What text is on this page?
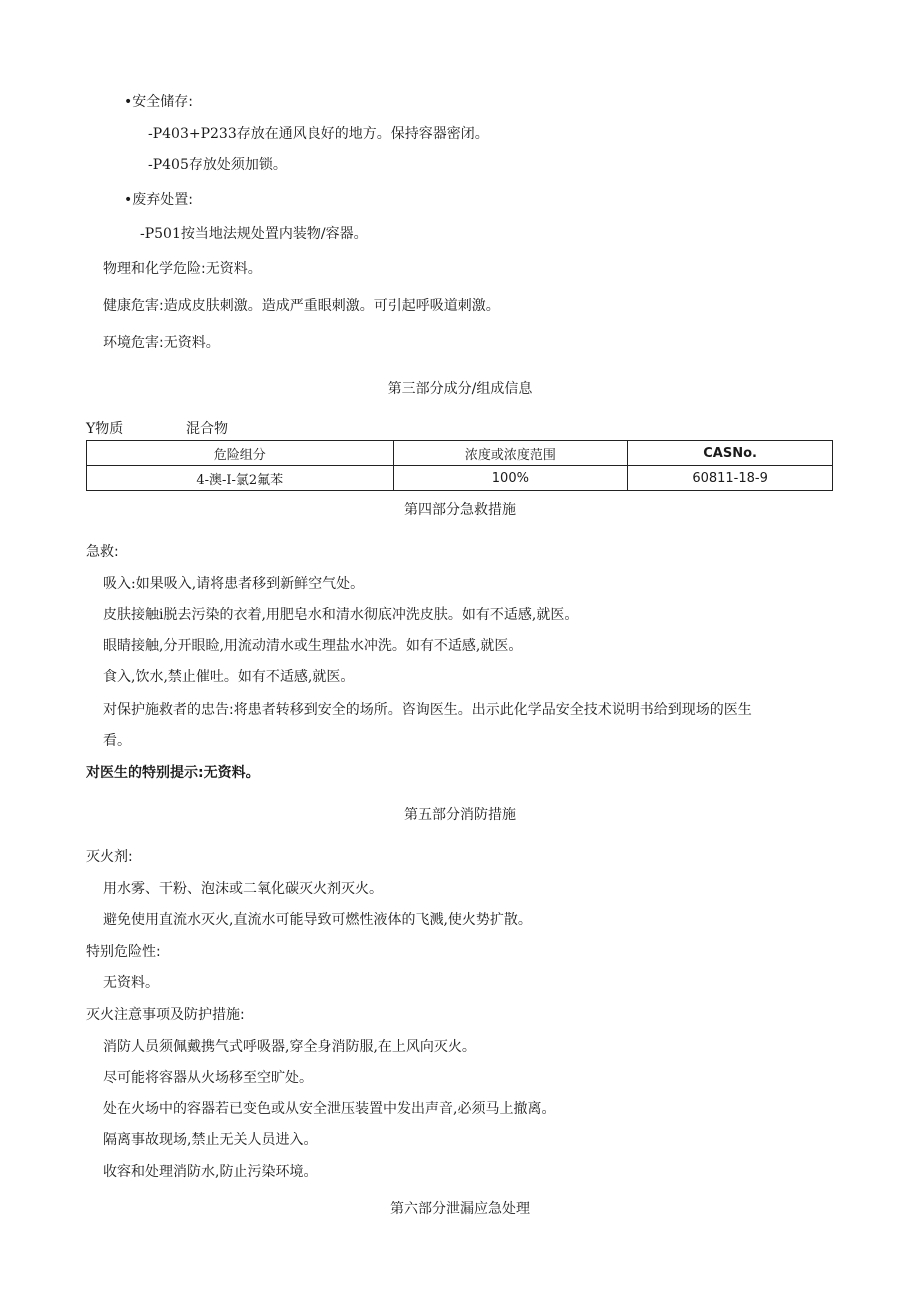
•安全储存:
-P403+P233存放在通风良好的地方。保持容器密闭。
-P405存放处须加锁。
•废弃处置:
-P501按当地法规处置内装物/容器。
物理和化学危险:无资料。
健康危害:造成皮肤刺激。造成严重眼刺激。可引起呼吸道刺激。
环境危害:无资料。
第三部分成分/组成信息
Y物质	混合物
危险组分	浓度或浓度范围	CASNo.
4-澳-I-氯2氟苯	100%	60811-18-9
第四部分急救措施
急救:
吸入:如果吸入,请将患者移到新鲜空气处。
皮肤接触i脱去污染的衣着,用肥皂水和清水彻底冲洗皮肤。如有不适感,就医。
眼睛接触,分开眼睑,用流动清水或生理盐水冲洗。如有不适感,就医。
食入,饮水,禁止催吐。如有不适感,就医。
对保护施救者的忠告:将患者转移到安全的场所。咨询医生。出示此化学品安全技术说明书给到现场的医生
看。
对医生的特别提示:无资料。
第五部分消防措施
灭火剂:
用水雾、干粉、泡沫或二氧化碳灭火剂灭火。
避免使用直流水灭火,直流水可能导致可燃性液体的飞溅,使火势扩散。
特别危险性:
无资料。
灭火注意事项及防护措施:
消防人员须佩戴携气式呼吸器,穿全身消防服,在上风向灭火。
尽可能将容器从火场移至空旷处。
处在火场中的容器若已变色或从安全泄压装置中发出声音,必须马上撤离。
隔离事故现场,禁止无关人员进入。
收容和处理消防水,防止污染环境。
第六部分泄漏应急处理
